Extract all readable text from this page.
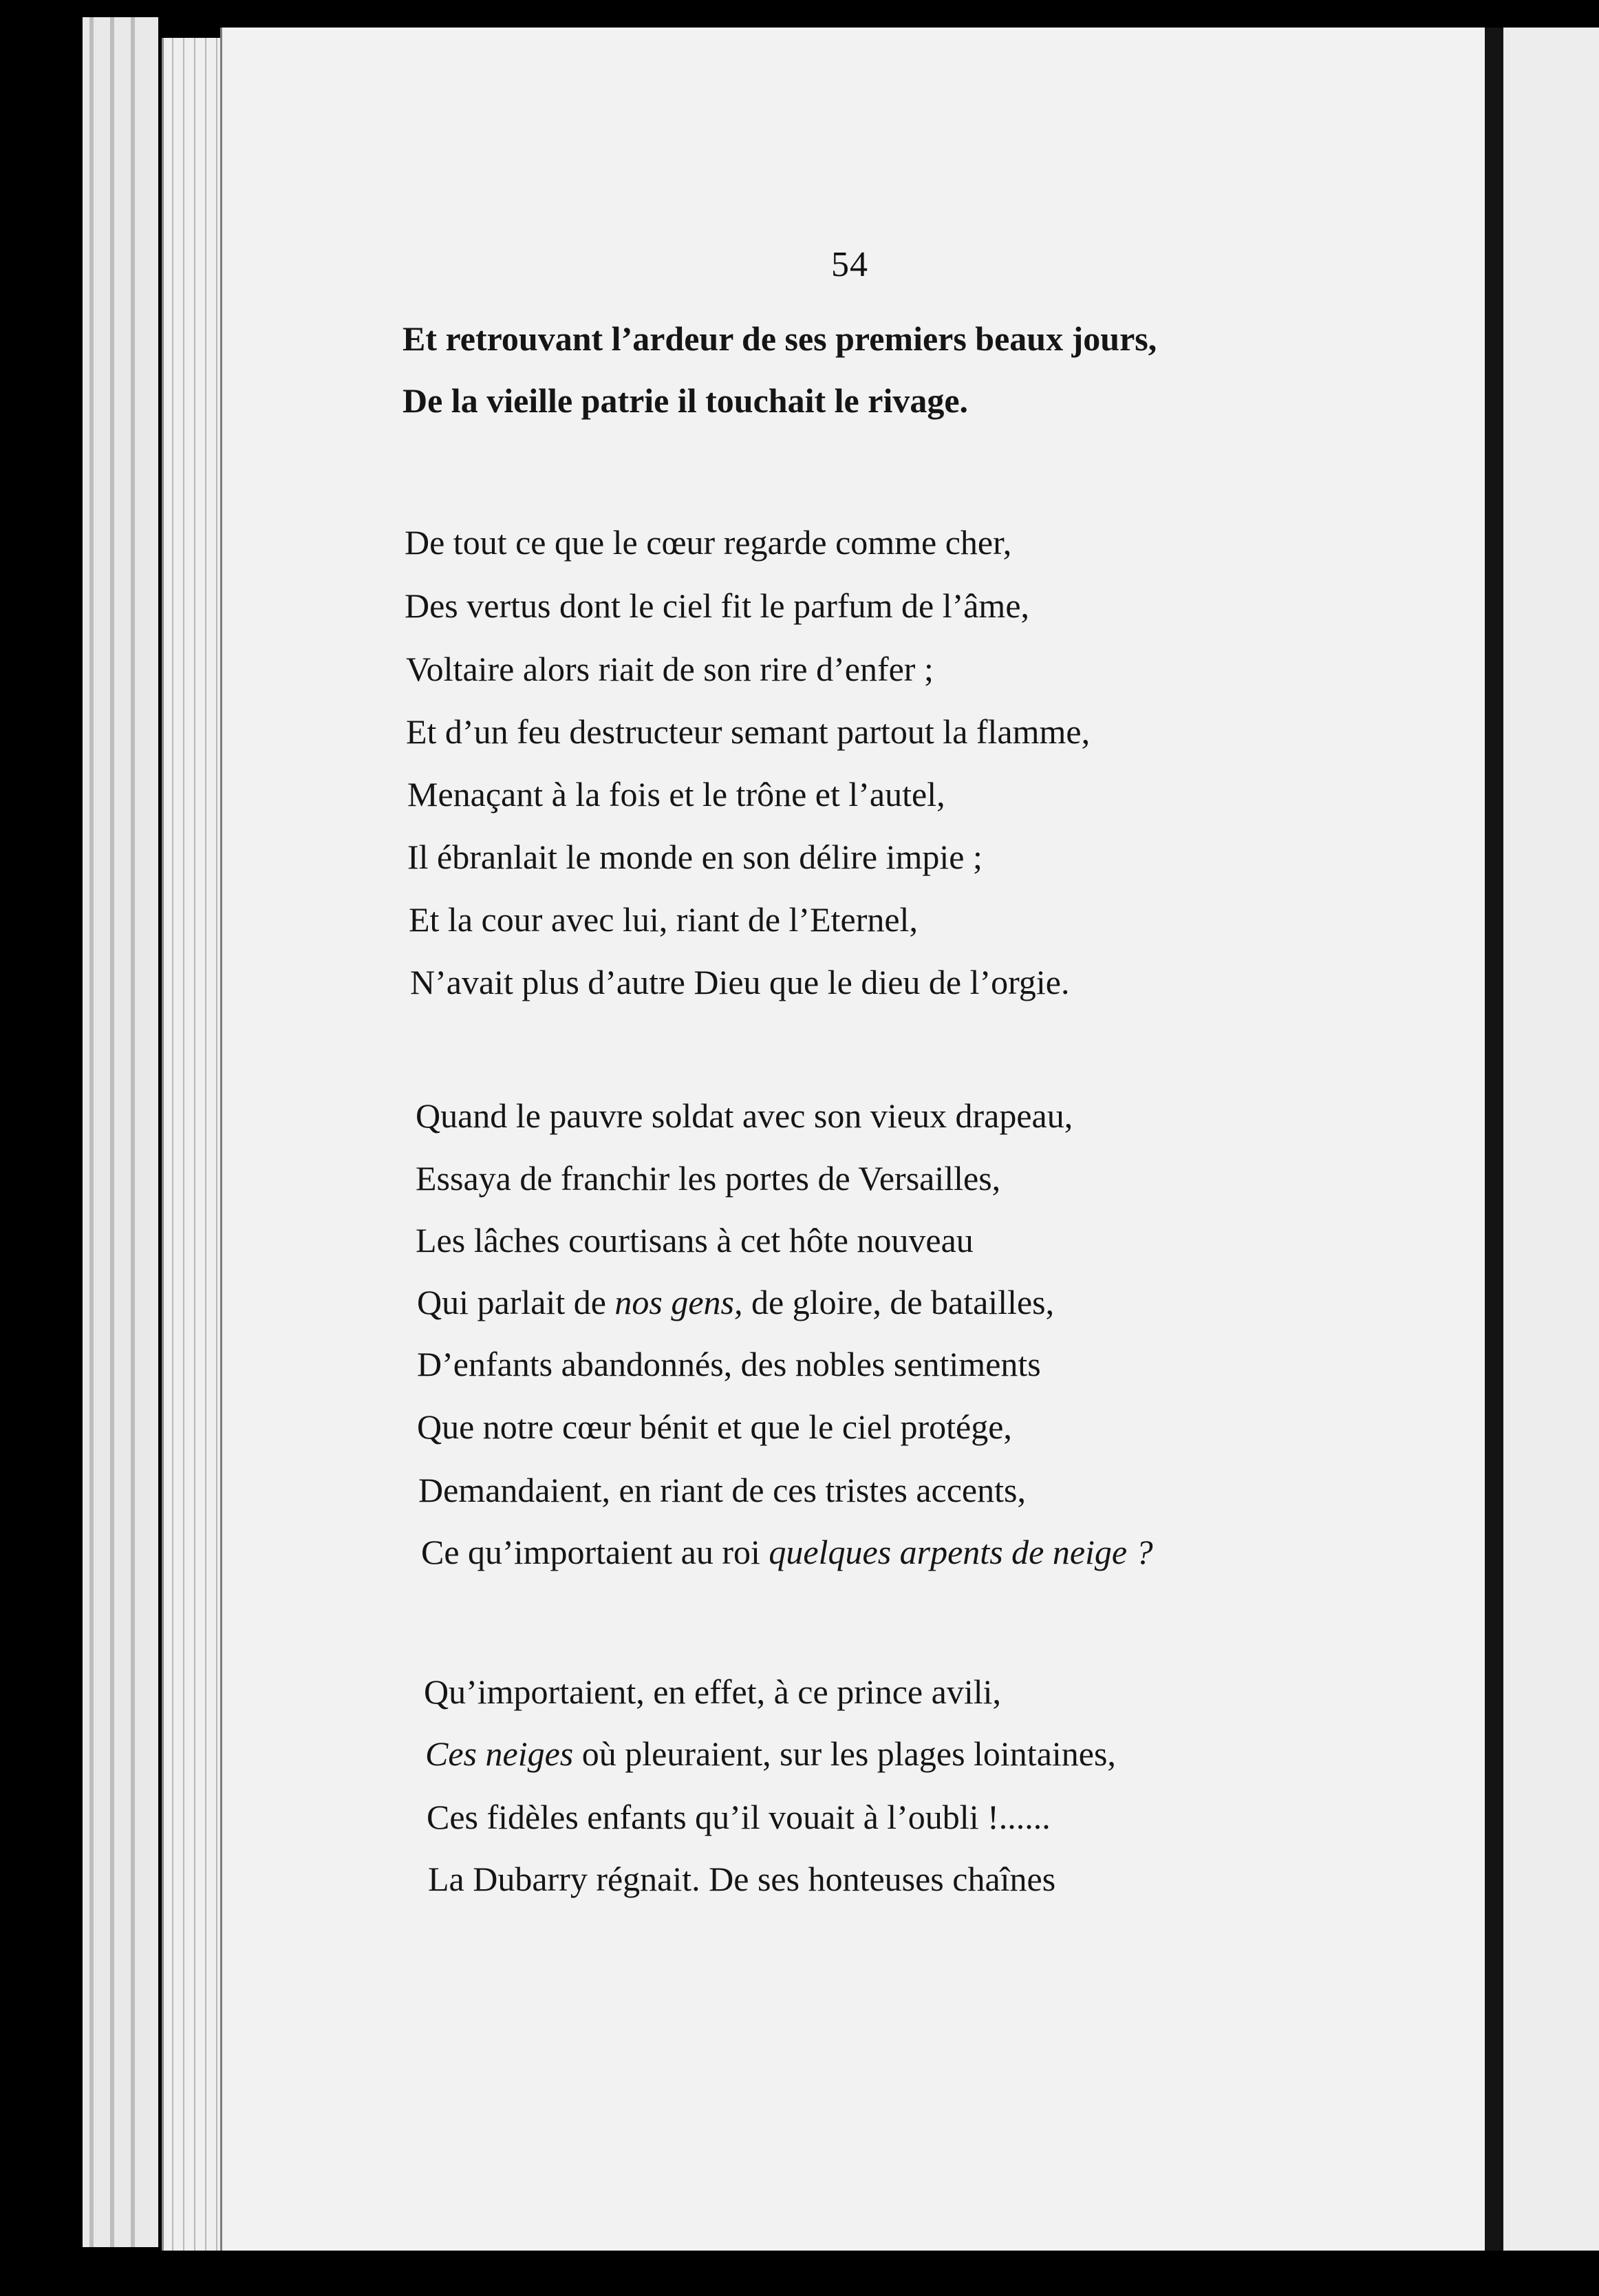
54
Et retrouvant l’ardeur de ses premiers beaux jours,
De la vieille patrie il touchait le rivage.
De tout ce que le cœur regarde comme cher,
Des vertus dont le ciel fit le parfum de l’âme,
Voltaire alors riait de son rire d’enfer ;
Et d’un feu destructeur semant partout la flamme,
Menaçant à la fois et le trône et l’autel,
Il ébranlait le monde en son délire impie ;
Et la cour avec lui, riant de l’Eternel,
N’avait plus d’autre Dieu que le dieu de l’orgie.
Quand le pauvre soldat avec son vieux drapeau,
Essaya de franchir les portes de Versailles,
Les lâches courtisans à cet hôte nouveau
Qui parlait de nos gens, de gloire, de batailles,
D’enfants abandonnés, des nobles sentiments
Que notre cœur bénit et que le ciel protége,
Demandaient, en riant de ces tristes accents,
Ce qu’importaient au roi quelques arpents de neige ?
Qu’importaient, en effet, à ce prince avili,
Ces neiges où pleuraient, sur les plages lointaines,
Ces fidèles enfants qu’il vouait à l’oubli !......
La Dubarry régnait. De ses honteuses chaînes
